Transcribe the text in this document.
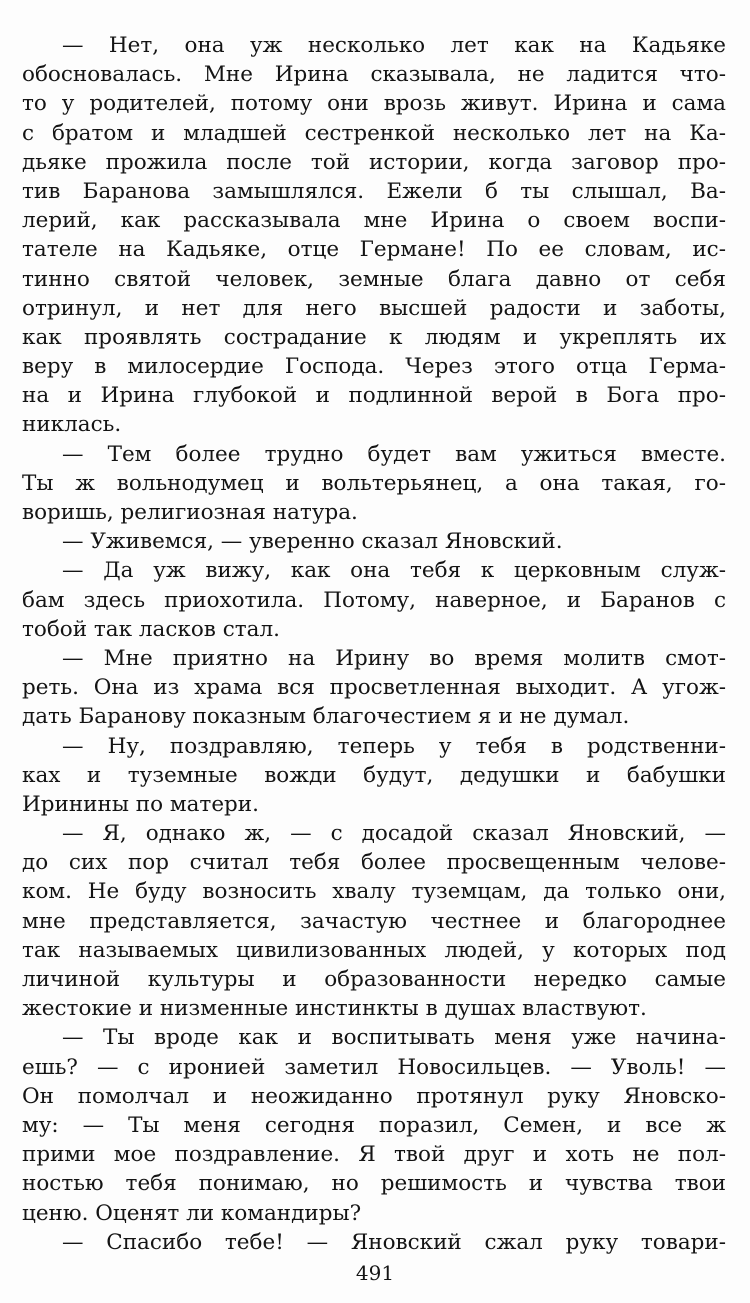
— Нет, она уж несколько лет как на Кадьяке
обосновалась. Мне Ирина сказывала, не ладится что-
то у родителей, потому они врозь живут. Ирина и сама
с братом и младшей сестренкой несколько лет на Ка-
дьяке прожила после той истории, когда заговор про-
тив Баранова замышлялся. Ежели б ты слышал, Ва-
лерий, как рассказывала мне Ирина о своем воспи-
тателе на Кадьяке, отце Германе! По ее словам, ис-
тинно святой человек, земные блага давно от себя
отринул, и нет для него высшей радости и заботы,
как проявлять сострадание к людям и укреплять их
веру в милосердие Господа. Через этого отца Герма-
на и Ирина глубокой и подлинной верой в Бога про-
никлась.
— Тем более трудно будет вам ужиться вместе.
Ты ж вольнодумец и вольтерьянец, а она такая, го-
воришь, религиозная натура.
— Уживемся, — уверенно сказал Яновский.
— Да уж вижу, как она тебя к церковным служ-
бам здесь приохотила. Потому, наверное, и Баранов с
тобой так ласков стал.
— Мне приятно на Ирину во время молитв смот-
реть. Она из храма вся просветленная выходит. А угож-
дать Баранову показным благочестием я и не думал.
— Ну, поздравляю, теперь у тебя в родственни-
ках и туземные вожди будут, дедушки и бабушки
Иринины по матери.
— Я, однако ж, — с досадой сказал Яновский, —
до сих пор считал тебя более просвещенным челове-
ком. Не буду возносить хвалу туземцам, да только они,
мне представляется, зачастую честнее и благороднее
так называемых цивилизованных людей, у которых под
личиной культуры и образованности нередко самые
жестокие и низменные инстинкты в душах властвуют.
— Ты вроде как и воспитывать меня уже начина-
ешь? — с иронией заметил Новосильцев. — Уволь! —
Он помолчал и неожиданно протянул руку Яновско-
му: — Ты меня сегодня поразил, Семен, и все ж
прими мое поздравление. Я твой друг и хоть не пол-
ностью тебя понимаю, но решимость и чувства твои
ценю. Оценят ли командиры?
— Спасибо тебе! — Яновский сжал руку товари-
491
